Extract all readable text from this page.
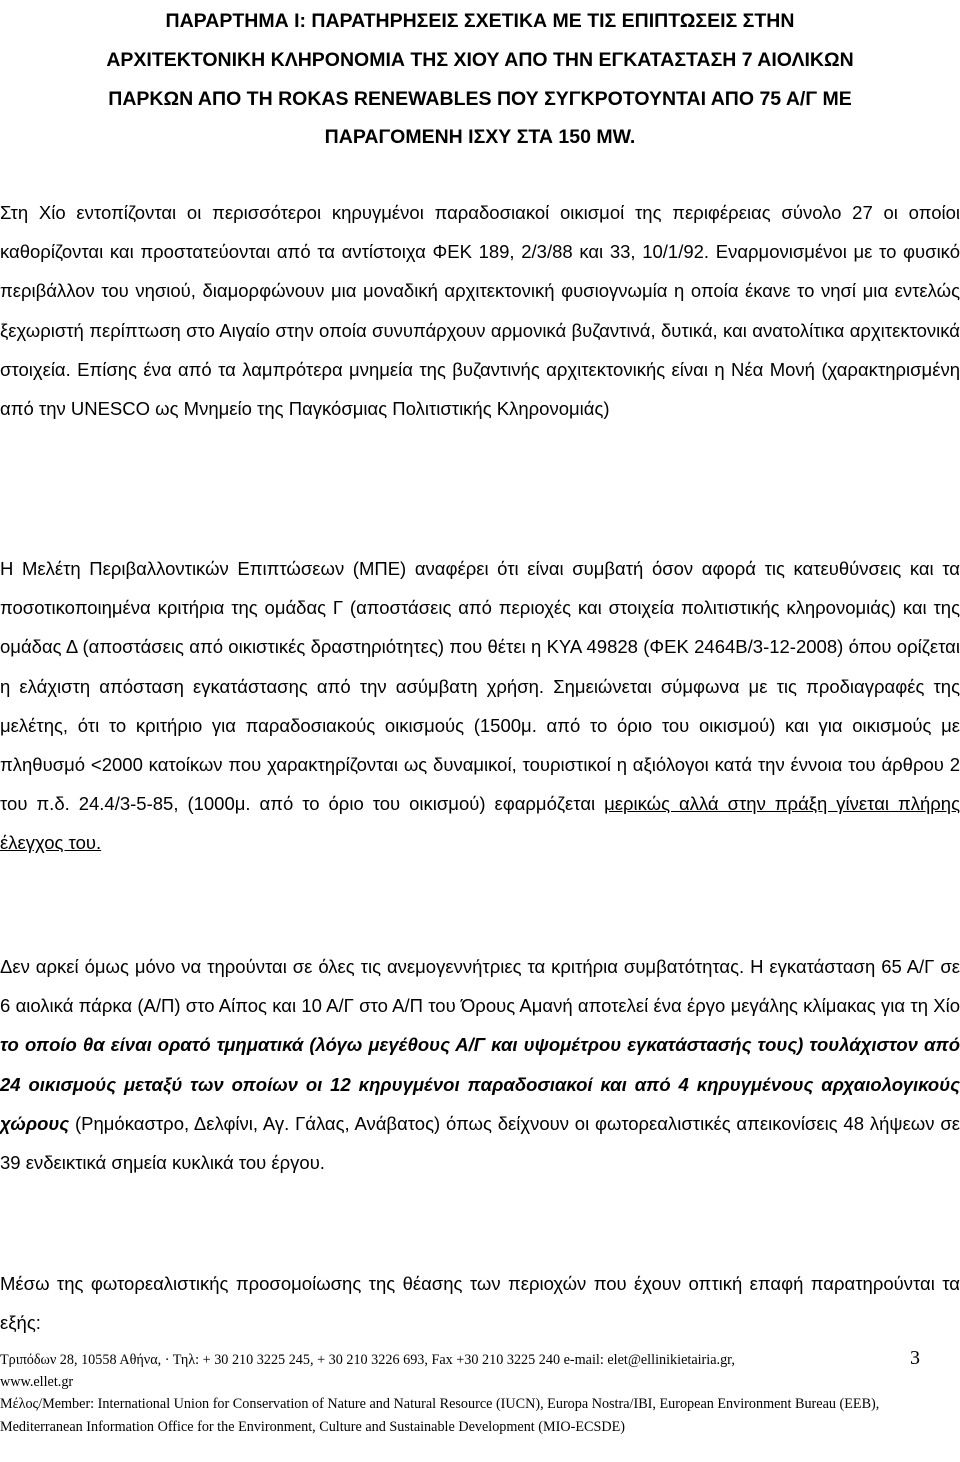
ΠΑΡΑΡΤΗΜΑ Ι: ΠΑΡΑΤΗΡΗΣΕΙΣ ΣΧΕΤΙΚΑ ΜΕ ΤΙΣ ΕΠΙΠΤΩΣΕΙΣ ΣΤΗΝ
ΑΡΧΙΤΕΚΤΟΝΙΚΗ ΚΛΗΡΟΝΟΜΙΑ ΤΗΣ ΧΙΟΥ ΑΠΟ ΤΗΝ ΕΓΚΑΤΑΣΤΑΣΗ 7 ΑΙΟΛΙΚΩΝ
ΠΑΡΚΩΝ ΑΠΟ ΤΗ ROKAS RENEWABLES ΠΟΥ ΣΥΓΚΡΟΤΟΥΝΤΑΙ ΑΠΟ 75 Α/Γ ΜΕ
ΠΑΡΑΓΟΜΕΝΗ ΙΣΧΥ ΣΤΑ 150 MW.

Στη Χίο εντοπίζονται οι περισσότεροι κηρυγμένοι παραδοσιακοί οικισμοί της περιφέρειας σύνολο 27 οι οποίοι καθορίζονται και προστατεύονται από τα αντίστοιχα ΦΕΚ 189, 2/3/88 και 33, 10/1/92. Εναρμονισμένοι με το φυσικό περιβάλλον του νησιού, διαμορφώνουν μια μοναδική αρχιτεκτονική φυσιογνωμία η οποία έκανε το νησί μια εντελώς ξεχωριστή περίπτωση στο Αιγαίο στην οποία συνυπάρχουν αρμονικά βυζαντινά, δυτικά, και ανατολίτικα αρχιτεκτονικά στοιχεία. Επίσης ένα από τα λαμπρότερα μνημεία της βυζαντινής αρχιτεκτονικής είναι η Νέα Μονή (χαρακτηρισμένη από την UNESCO ως Μνημείο της Παγκόσμιας Πολιτιστικής Κληρονομιάς)

Η Μελέτη Περιβαλλοντικών Επιπτώσεων (ΜΠΕ) αναφέρει ότι είναι συμβατή όσον αφορά τις κατευθύνσεις και τα ποσοτικοποιημένα κριτήρια της ομάδας Γ (αποστάσεις από περιοχές και στοιχεία πολιτιστικής κληρονομιάς) και της ομάδας Δ (αποστάσεις από οικιστικές δραστηριότητες) που θέτει η ΚΥΑ 49828 (ΦΕΚ 2464Β/3-12-2008) όπου ορίζεται η ελάχιστη απόσταση εγκατάστασης από την ασύμβατη χρήση. Σημειώνεται σύμφωνα με τις προδιαγραφές της μελέτης, ότι το κριτήριο για παραδοσιακούς οικισμούς (1500μ. από το όριο του οικισμού) και για οικισμούς με πληθυσμό <2000 κατοίκων που χαρακτηρίζονται ως δυναμικοί, τουριστικοί η αξιόλογοι κατά την έννοια του άρθρου 2 του π.δ. 24.4/3-5-85, (1000μ. από το όριο του οικισμού) εφαρμόζεται μερικώς αλλά στην πράξη γίνεται πλήρης έλεγχος του.

Δεν αρκεί όμως μόνο να τηρούνται σε όλες τις ανεμογεννήτριες τα κριτήρια συμβατότητας. Η εγκατάσταση 65 Α/Γ σε 6 αιολικά πάρκα (Α/Π) στο Αίπος και 10 Α/Γ στο Α/Π του Όρους Αμανή αποτελεί ένα έργο μεγάλης κλίμακας για τη Χίο το οποίο θα είναι ορατό τμηματικά (λόγω μεγέθους Α/Γ και υψομέτρου εγκατάστασής τους) τουλάχιστον από 24 οικισμούς μεταξύ των οποίων οι 12 κηρυγμένοι παραδοσιακοί και από 4 κηρυγμένους αρχαιολογικούς χώρους (Ρημόκαστρο, Δελφίνι, Αγ. Γάλας, Ανάβατος) όπως δείχνουν οι φωτορεαλιστικές απεικονίσεις 48 λήψεων σε 39 ενδεικτικά σημεία κυκλικά του έργου.

Μέσω της φωτορεαλιστικής προσομοίωσης της θέασης των περιοχών που έχουν οπτική επαφή παρατηρούνται τα εξής:

Τριπόδων 28, 10558 Αθήνα, · Τηλ: + 30 210 3225 245, + 30 210 3226 693, Fax +30 210 3225 240 e-mail: elet@ellinikietairia.gr,	3
www.ellet.gr
Μέλος/Member: International Union for Conservation of Nature and Natural Resource (IUCN), Europa Nostra/IBI, European Environment Bureau (EEB), Mediterranean Information Office for the Environment, Culture and Sustainable Development (MIO-ECSDE)
